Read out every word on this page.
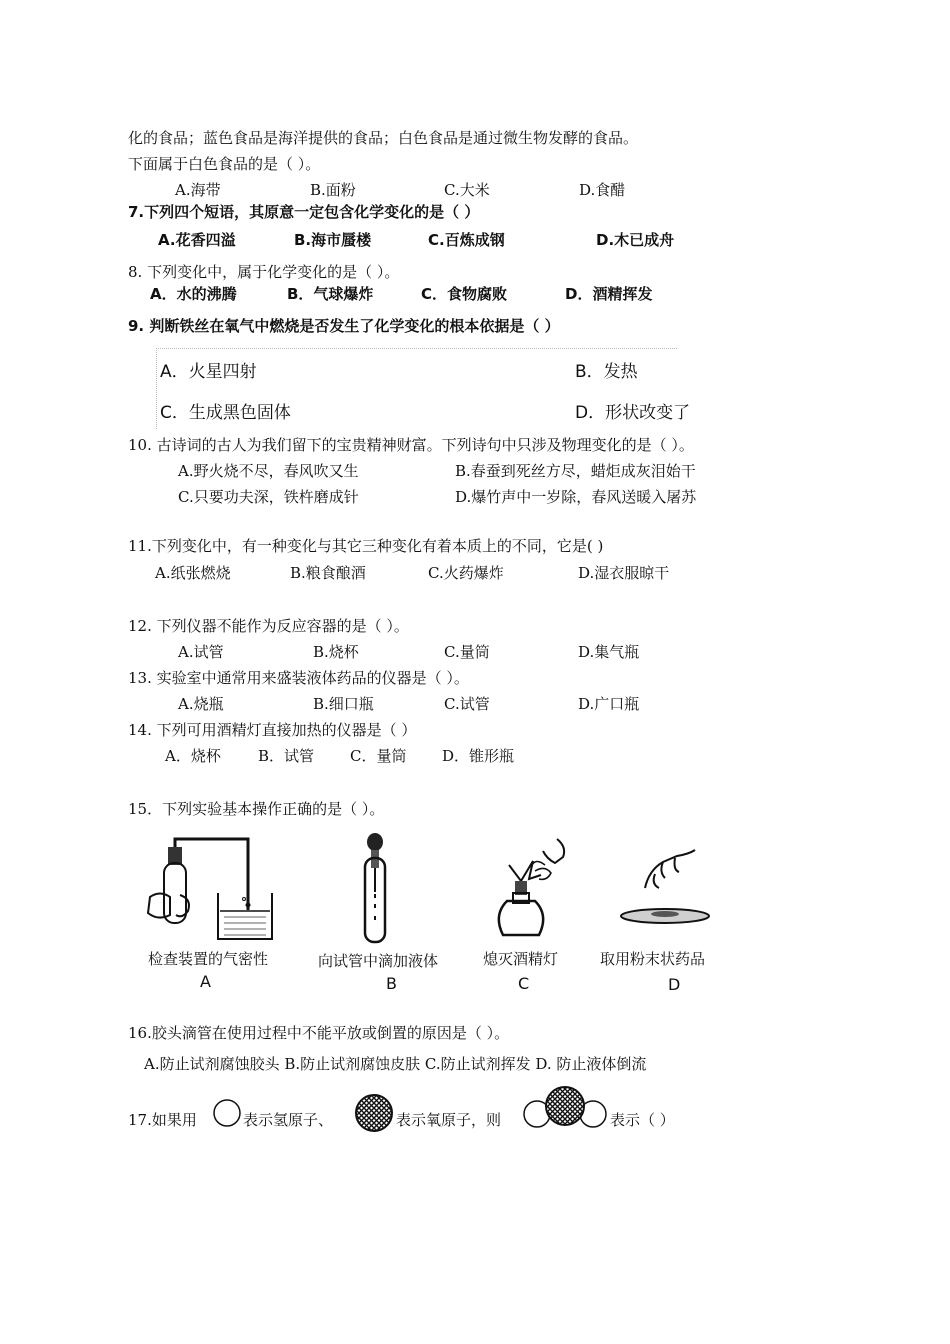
化的食品；蓝色食品是海洋提供的食品；白色食品是通过微生物发酵的食品。
下面属于白色食品的是（ ）。
A.海带	B.面粉	C.大米	D.食醋
7.下列四个短语，其原意一定包含化学变化的是（ ）
A.花香四溢	B.海市蜃楼	C.百炼成钢	D.木已成舟
8. 下列变化中，属于化学变化的是（ ）。
A．水的沸腾	B．气球爆炸	C．食物腐败	D．酒精挥发
9. 判断铁丝在氧气中燃烧是否发生了化学变化的根本依据是（ ）
A．火星四射	B．发热
C．生成黑色固体	D．形状改变了
10. 古诗词的古人为我们留下的宝贵精神财富。下列诗句中只涉及物理变化的是（ ）。
A.野火烧不尽，春风吹又生	B.春蚕到死丝方尽，蜡炬成灰泪始干
C.只要功夫深，铁杵磨成针	D.爆竹声中一岁除，春风送暖入屠苏
11.下列变化中，有一种变化与其它三种变化有着本质上的不同，它是( )
A.纸张燃烧	B.粮食酿酒	C.火药爆炸	D.湿衣服晾干
12. 下列仪器不能作为反应容器的是（ ）。
A.试管	B.烧杯	C.量筒	D.集气瓶
13. 实验室中通常用来盛装液体药品的仪器是（ ）。
A.烧瓶	B.细口瓶	C.试管	D.广口瓶
14. 下列可用酒精灯直接加热的仪器是（ ）
A．烧杯 B．试管 C．量筒 D．锥形瓶
15．下列实验基本操作正确的是（ ）。
检查装置的气密性
A
向试管中滴加液体
B
熄灭酒精灯
C
取用粉末状药品
D
16.胶头滴管在使用过程中不能平放或倒置的原因是（ ）。
A.防止试剂腐蚀胶头 B.防止试剂腐蚀皮肤 C.防止试剂挥发 D. 防止液体倒流
17.如果用	表示氢原子、	表示氧原子，则	表示（ ）
